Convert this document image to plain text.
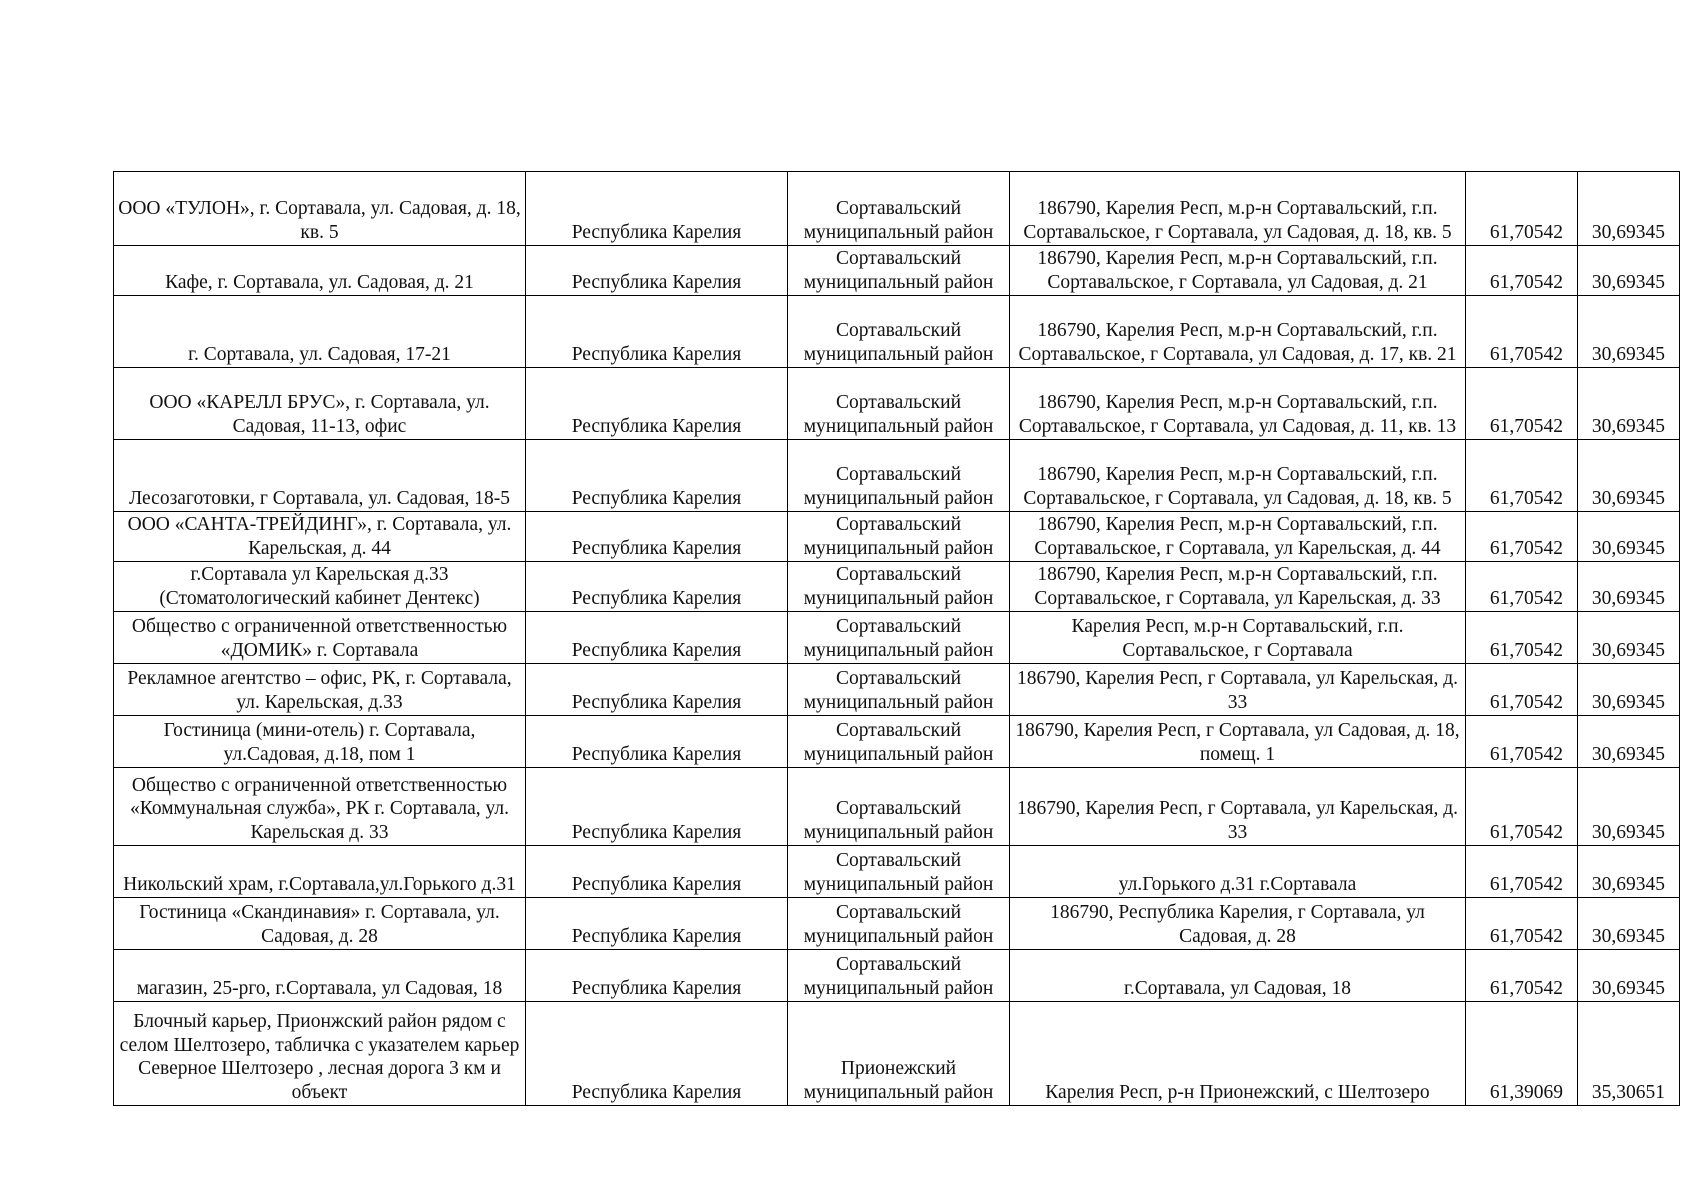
ООО «ТУЛОН», г. Сортавала, ул. Садовая, д. 18, кв. 5	Республика Карелия	Сортавальский муниципальный район	186790, Карелия Респ, м.р-н Сортавальский, г.п. Сортавальское, г Сортавала, ул Садовая, д. 18, кв. 5	61,70542	30,69345
Кафе, г. Сортавала, ул. Садовая, д. 21	Республика Карелия	Сортавальский муниципальный район	186790, Карелия Респ, м.р-н Сортавальский, г.п. Сортавальское, г Сортавала, ул Садовая, д. 21	61,70542	30,69345
г. Сортавала, ул. Садовая, 17-21	Республика Карелия	Сортавальский муниципальный район	186790, Карелия Респ, м.р-н Сортавальский, г.п. Сортавальское, г Сортавала, ул Садовая, д. 17, кв. 21	61,70542	30,69345
ООО «КАРЕЛЛ БРУС», г. Сортавала, ул. Садовая, 11-13, офис	Республика Карелия	Сортавальский муниципальный район	186790, Карелия Респ, м.р-н Сортавальский, г.п. Сортавальское, г Сортавала, ул Садовая, д. 11, кв. 13	61,70542	30,69345
Лесозаготовки, г Сортавала, ул. Садовая, 18-5	Республика Карелия	Сортавальский муниципальный район	186790, Карелия Респ, м.р-н Сортавальский, г.п. Сортавальское, г Сортавала, ул Садовая, д. 18, кв. 5	61,70542	30,69345
ООО «САНТА-ТРЕЙДИНГ», г. Сортавала, ул. Карельская, д. 44	Республика Карелия	Сортавальский муниципальный район	186790, Карелия Респ, м.р-н Сортавальский, г.п. Сортавальское, г Сортавала, ул Карельская, д. 44	61,70542	30,69345
г.Сортавала ул Карельская д.33 (Стоматологический кабинет Дентекс)	Республика Карелия	Сортавальский муниципальный район	186790, Карелия Респ, м.р-н Сортавальский, г.п. Сортавальское, г Сортавала, ул Карельская, д. 33	61,70542	30,69345
Общество с ограниченной ответственностью «ДОМИК» г. Сортавала	Республика Карелия	Сортавальский муниципальный район	Карелия Респ, м.р-н Сортавальский, г.п. Сортавальское, г Сортавала	61,70542	30,69345
Рекламное агентство – офис, РК, г. Сортавала, ул. Карельская, д.33	Республика Карелия	Сортавальский муниципальный район	186790, Карелия Респ, г Сортавала, ул Карельская, д. 33	61,70542	30,69345
Гостиница (мини-отель) г. Сортавала, ул.Садовая, д.18, пом 1	Республика Карелия	Сортавальский муниципальный район	186790, Карелия Респ, г Сортавала, ул Садовая, д. 18, помещ. 1	61,70542	30,69345
Общество с ограниченной ответственностью «Коммунальная служба», РК г. Сортавала, ул. Карельская д. 33	Республика Карелия	Сортавальский муниципальный район	186790, Карелия Респ, г Сортавала, ул Карельская, д. 33	61,70542	30,69345
Никольский храм, г.Сортавала,ул.Горького д.31	Республика Карелия	Сортавальский муниципальный район	ул.Горького д.31 г.Сортавала	61,70542	30,69345
Гостиница «Скандинавия» г. Сортавала, ул. Садовая, д. 28	Республика Карелия	Сортавальский муниципальный район	186790, Республика Карелия, г Сортавала, ул Садовая, д. 28	61,70542	30,69345
магазин, 25-рго, г.Сортавала, ул Садовая, 18	Республика Карелия	Сортавальский муниципальный район	г.Сортавала, ул Садовая, 18	61,70542	30,69345
Блочный карьер, Прионжский район рядом с селом Шелтозеро, табличка с указателем карьер Северное Шелтозеро , лесная дорога 3 км и объект	Республика Карелия	Прионежский муниципальный район	Карелия Респ, р-н Прионежский, с Шелтозеро	61,39069	35,30651
